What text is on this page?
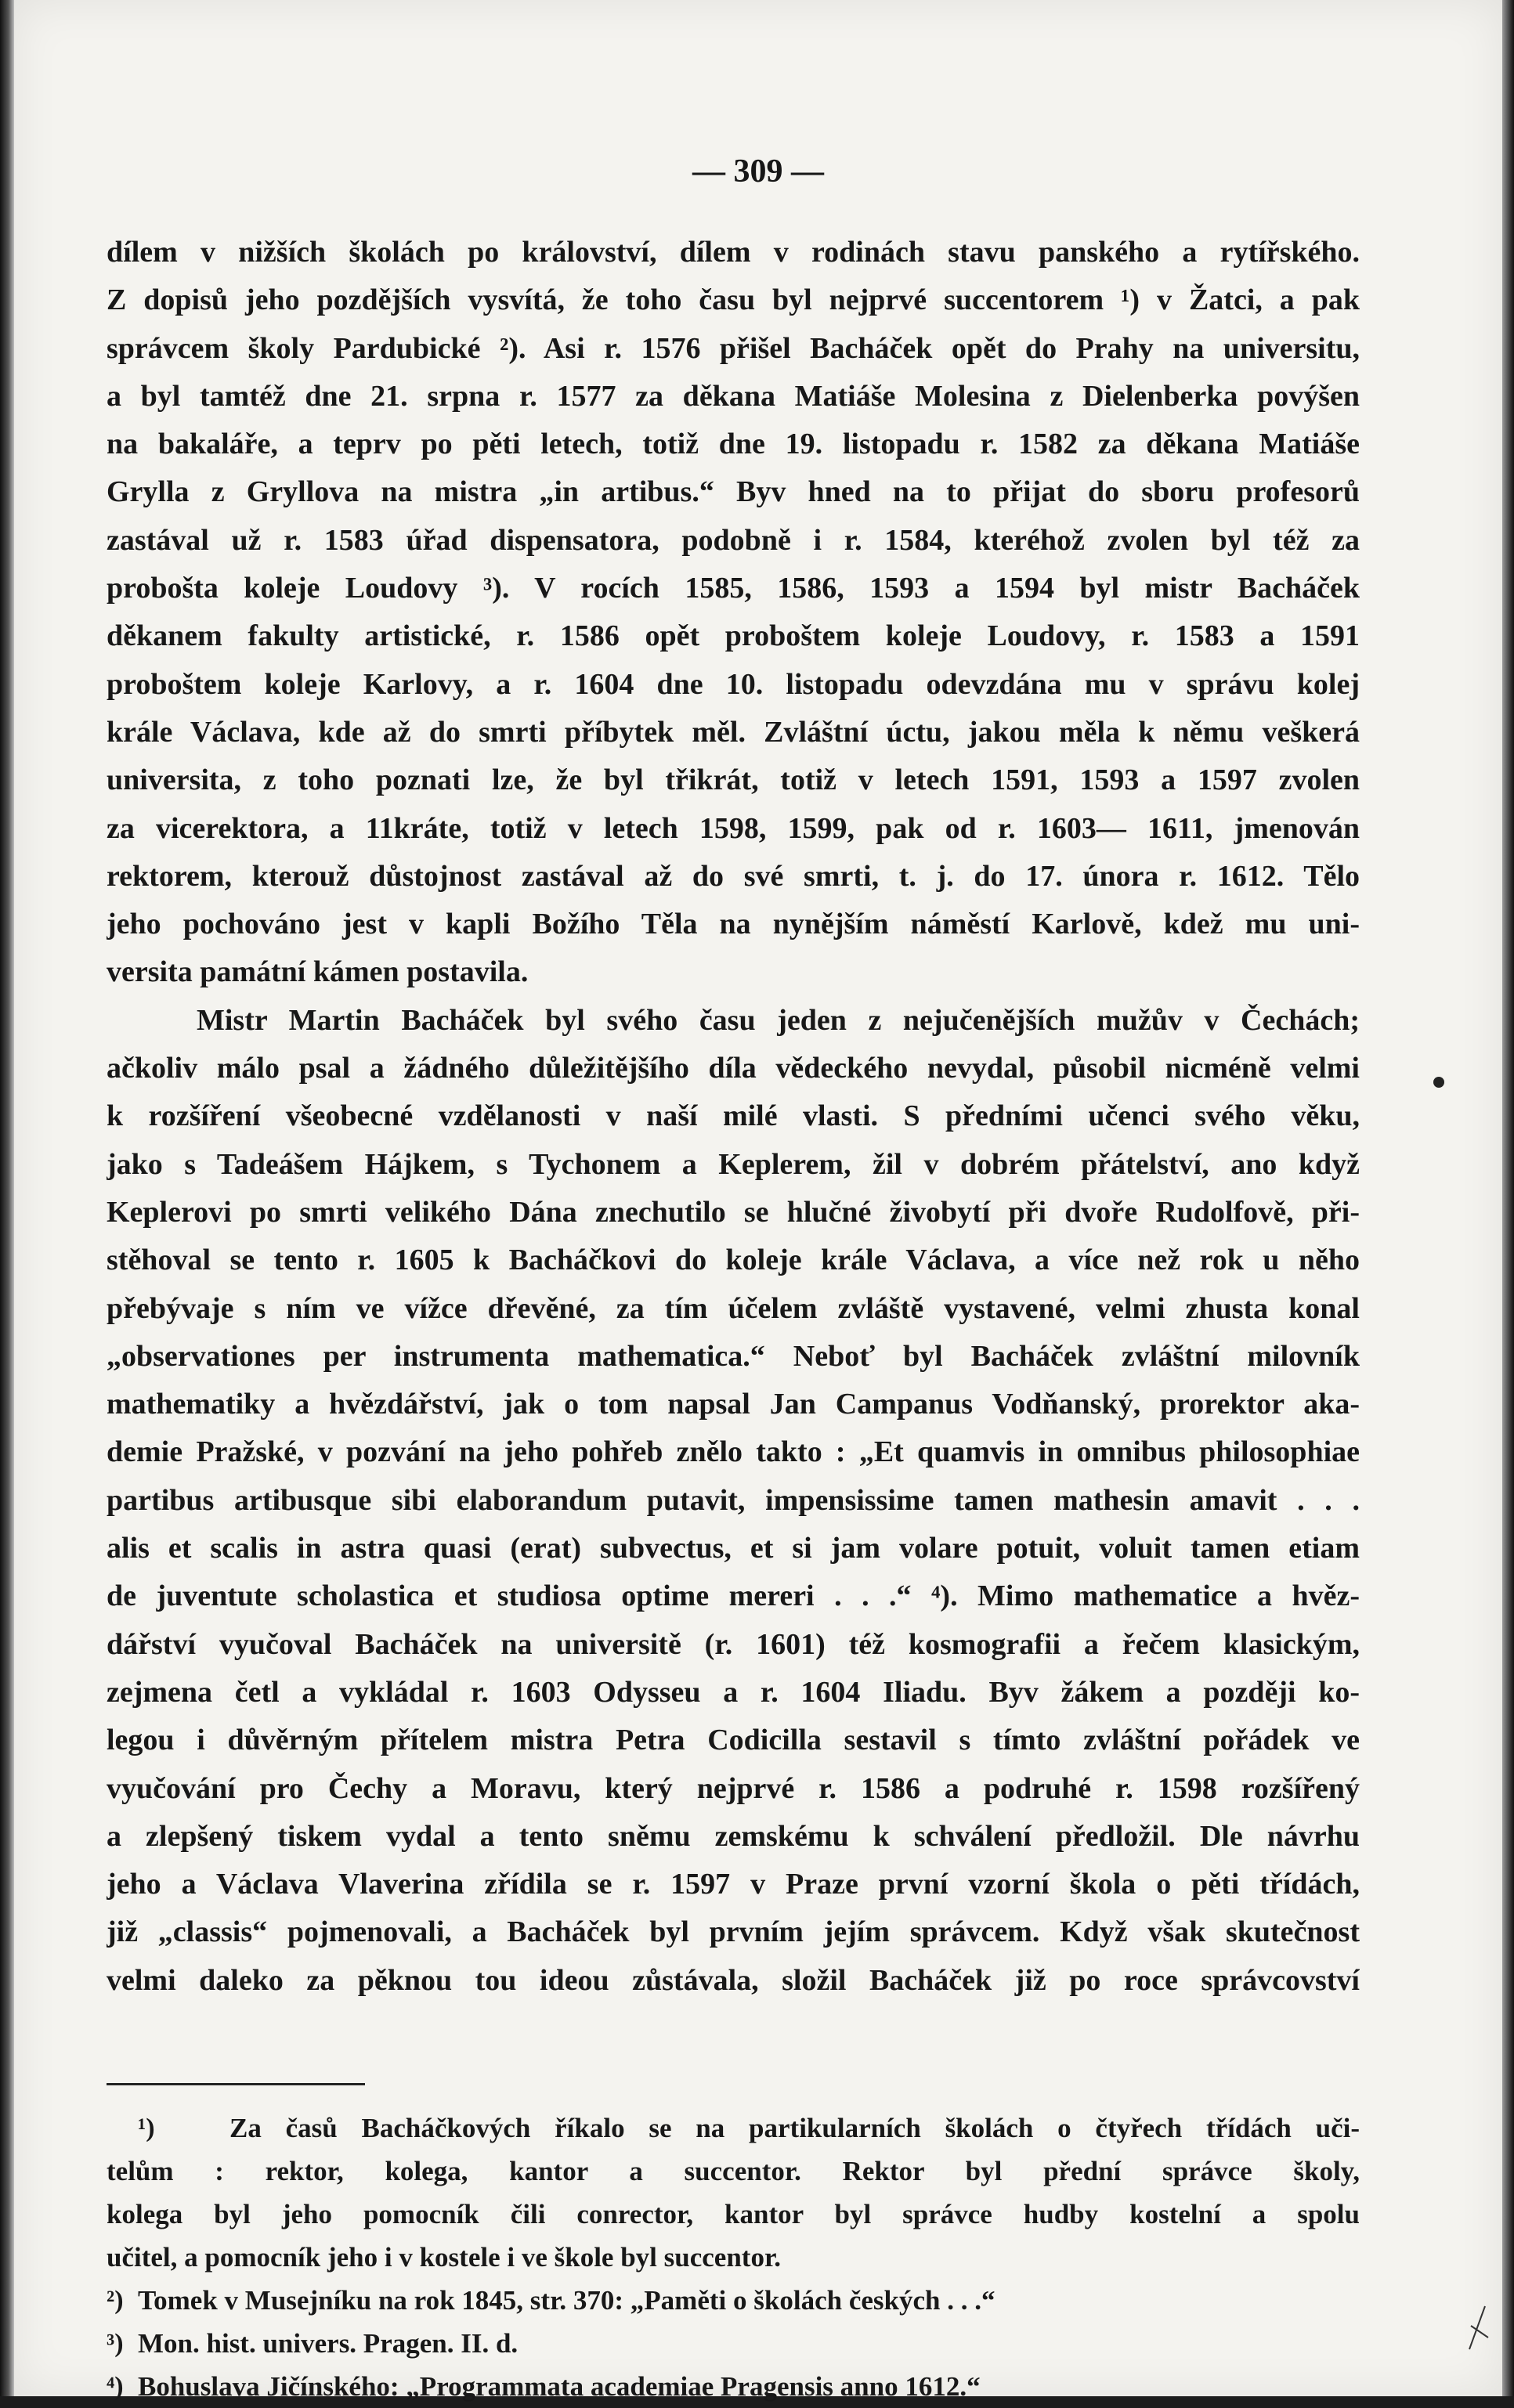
— 309 —
dílem v nižších školách po království, dílem v rodinách stavu panského a rytířského.
Z dopisů jeho pozdějších vysvítá, že toho času byl nejprvé succentorem ¹) v Žatci, a pak
správcem školy Pardubické ²). Asi r. 1576 přišel Bacháček opět do Prahy na universitu,
a byl tamtéž dne 21. srpna r. 1577 za děkana Matiáše Molesina z Dielenberka povýšen
na bakaláře, a teprv po pěti letech, totiž dne 19. listopadu r. 1582 za děkana Matiáše
Grylla z Gryllova na mistra „in artibus.“ Byv hned na to přijat do sboru profesorů
zastával už r. 1583 úřad dispensatora, podobně i r. 1584, kteréhož zvolen byl též za
proboštа koleje Loudovy ³). V rocích 1585, 1586, 1593 a 1594 byl mistr Bacháček
děkanem fakulty artistické, r. 1586 opět proboštem koleje Loudovy, r. 1583 a 1591
proboštem koleje Karlovy, a r. 1604 dne 10. listopadu odevzdána mu v správu kolej
krále Václava, kde až do smrti příbytek měl. Zvláštní úctu, jakou měla k němu veškerá
universita, z toho poznati lze, že byl třikrát, totiž v letech 1591, 1593 a 1597 zvolen
za vicerektora, a 11kráte, totiž v letech 1598, 1599, pak od r. 1603— 1611, jmenován
rektorem, kterouž důstojnost zastával až do své smrti, t. j. do 17. února r. 1612. Tělo
jeho pochováno jest v kapli Božího Těla na nynějším náměstí Karlově, kdež mu uni-
versita památní kámen postavila.
Mistr Martin Bacháček byl svého času jeden z nejučenějších mužův v Čechách;
ačkoliv málo psal a žádného důležitějšího díla vědeckého nevydal, působil nicméně velmi
k rozšíření všeobecné vzdělanosti v naší milé vlasti. S předními učenci svého věku,
jako s Tadeášem Hájkem, s Tychonem a Keplerem, žil v dobrém přátelství, ano když
Keplerovi po smrti velikého Dána znechutilo se hlučné živobytí při dvoře Rudolfově, při-
stěhoval se tento r. 1605 k Bacháčkovi do koleje krále Václava, a více než rok u něho
přebývaje s ním ve vížce dřevěné, za tím účelem zvláště vystavené, velmi zhusta konal
„observationes per instrumenta mathematica.“ Neboť byl Bacháček zvláštní milovník
mathematiky a hvězdářství, jak o tom napsal Jan Campanus Vodňanský, prorektor aka-
demie Pražské, v pozvání na jeho pohřeb znělo takto : „Et quamvis in omnibus philosophiae
partibus artibusque sibi elaborandum putavit, impensissime tamen mathesin amavit . . .
alis et scalis in astra quasi (erat) subvectus, et si jam volare potuit, voluit tamen etiam
de juventute scholastica et studiosa optime mereri . . .“ ⁴). Mimo mathematice a hvěz-
dářství vyučoval Bacháček na universitě (r. 1601) též kosmografii a řečem klasickým,
zejmena četl a vykládal r. 1603 Odysseu a r. 1604 Iliadu. Byv žákem a později ko-
legou i důvěrným přítelem mistra Petra Codicilla sestavil s tímto zvláštní pořádek ve
vyučování pro Čechy a Moravu, který nejprvé r. 1586 a podruhé r. 1598 rozšířený
a zlepšený tiskem vydal a tento sněmu zemskému k schválení předložil. Dle návrhu
jeho a Václava Vlaverina zřídila se r. 1597 v Praze první vzorní škola o pěti třídách,
již „classis“ pojmenovali, a Bacháček byl prvním jejím správcem. Když však skutečnost
velmi daleko za pěknou tou ideou zůstávala, složil Bacháček již po roce správcovství
¹)	Za časů Bacháčkových říkalo se na partikularních školách o čtyřech třídách uči-
telům : rektor, kolega, kantor a succentor. Rektor byl přední správce školy,
kolega byl jeho pomocník čili conrector, kantor byl správce hudby kostelní a spolu
učitel, a pomocník jeho i v kostele i ve škole byl succentor.
²) Tomek v Musejníku na rok 1845, str. 370: „Paměti o školách českých . . .“
³) Mon. hist. univers. Pragen. II. d.
⁴) Bohuslava Jičínského: „Programmata academiae Pragensis anno 1612.“
